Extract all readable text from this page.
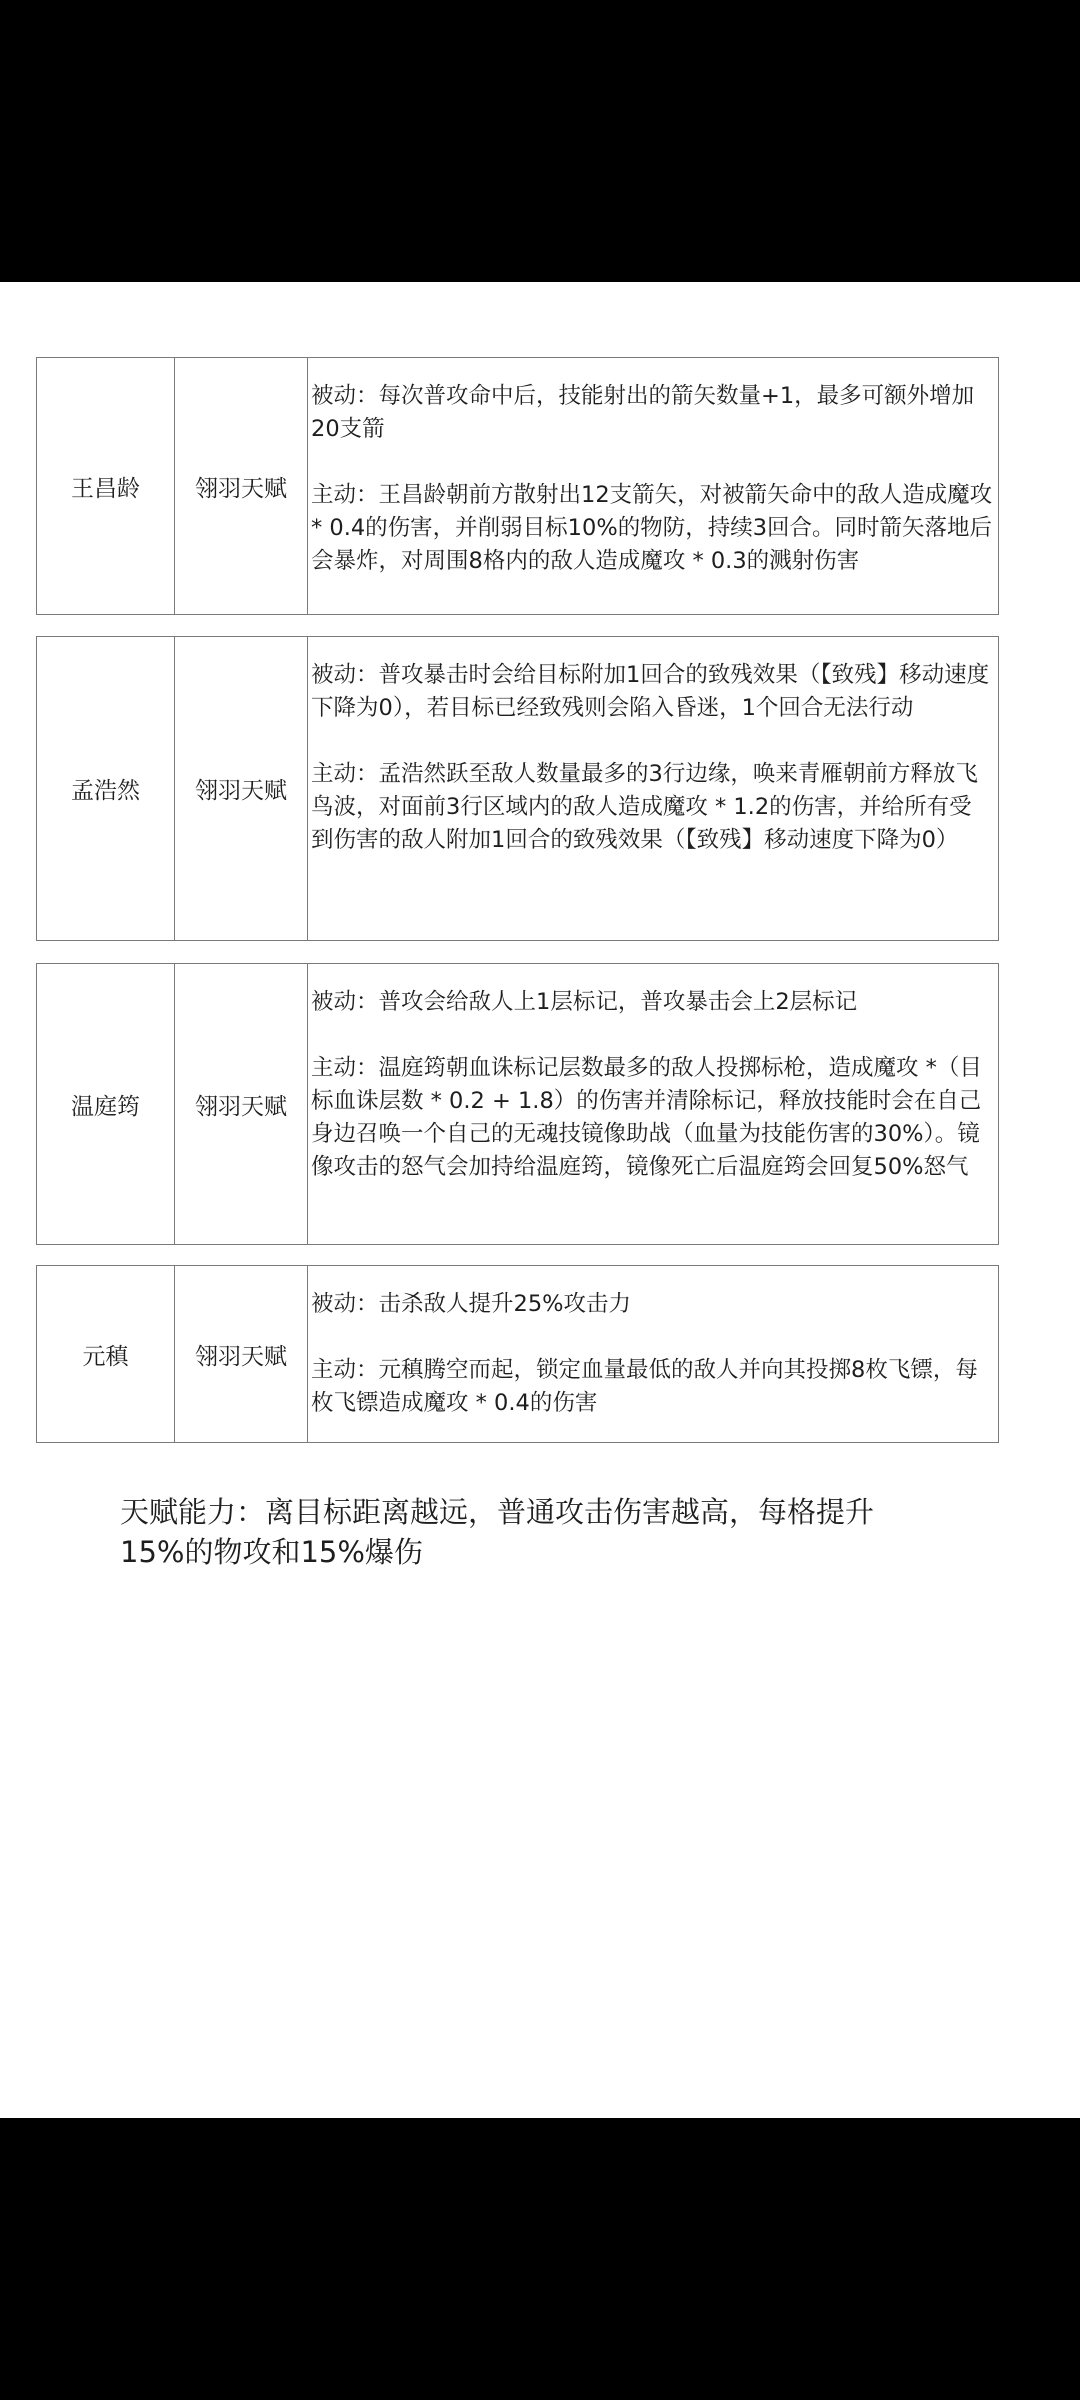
王昌龄	翎羽天赋
被动：每次普攻命中后，技能射出的箭矢数量+1，最多可额外增加20支箭
主动：王昌龄朝前方散射出12支箭矢，对被箭矢命中的敌人造成魔攻 * 0.4的伤害，并削弱目标10%的物防，持续3回合。同时箭矢落地后会暴炸，对周围8格内的敌人造成魔攻 * 0.3的溅射伤害
孟浩然	翎羽天赋
被动：普攻暴击时会给目标附加1回合的致残效果（【致残】移动速度下降为0），若目标已经致残则会陷入昏迷，1个回合无法行动
主动：孟浩然跃至敌人数量最多的3行边缘，唤来青雁朝前方释放飞鸟波，对面前3行区域内的敌人造成魔攻 * 1.2的伤害，并给所有受到伤害的敌人附加1回合的致残效果（【致残】移动速度下降为0）
温庭筠	翎羽天赋
被动：普攻会给敌人上1层标记，普攻暴击会上2层标记
主动：温庭筠朝血诛标记层数最多的敌人投掷标枪，造成魔攻 *（目标血诛层数 * 0.2 + 1.8）的伤害并清除标记，释放技能时会在自己身边召唤一个自己的无魂技镜像助战（血量为技能伤害的30%）。镜像攻击的怒气会加持给温庭筠，镜像死亡后温庭筠会回复50%怒气
元稹	翎羽天赋
被动：击杀敌人提升25%攻击力
主动：元稹腾空而起，锁定血量最低的敌人并向其投掷8枚飞镖，每枚飞镖造成魔攻 * 0.4的伤害
天赋能力：离目标距离越远，普通攻击伤害越高，每格提升15%的物攻和15%爆伤
